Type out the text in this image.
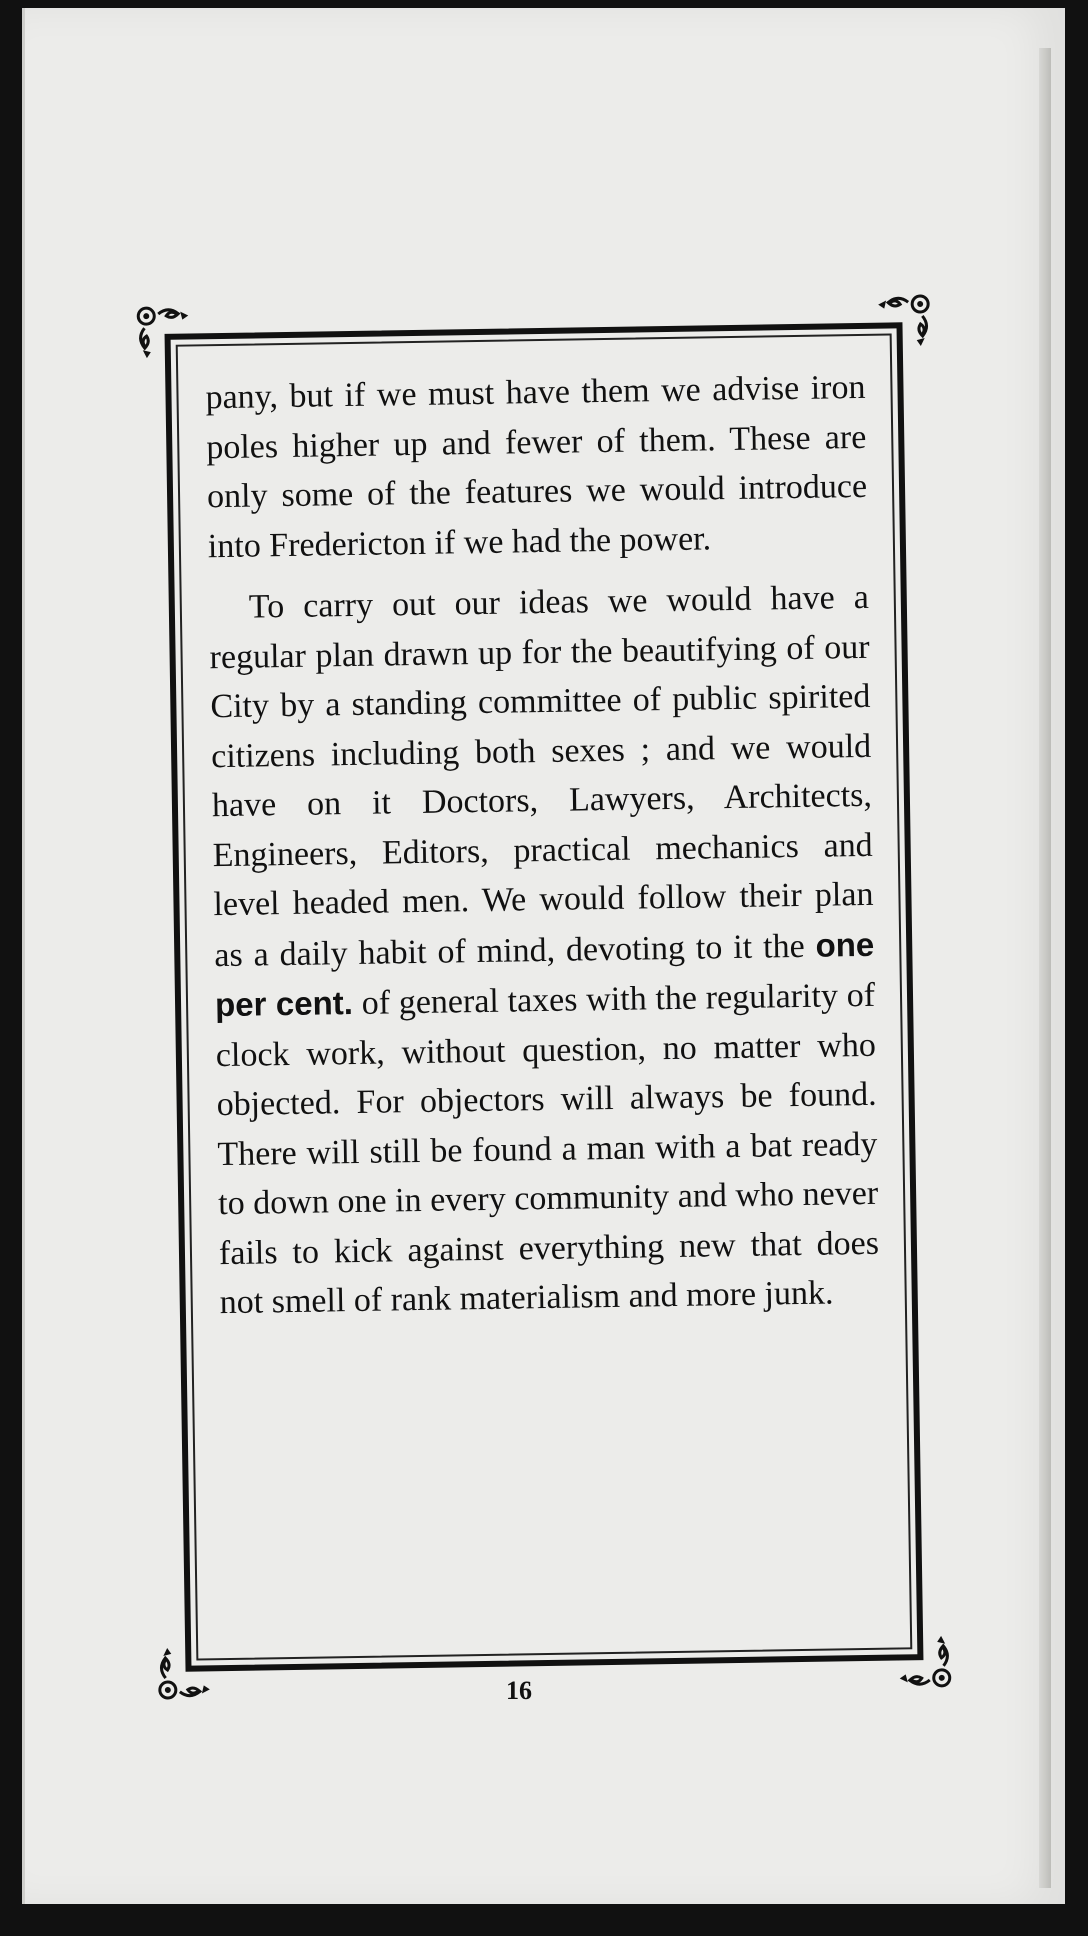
pany, but if we must have them we advise iron poles higher up and fewer of them. These are only some of the features we would introduce into Fredericton if we had the power.

To carry out our ideas we would have a regular plan drawn up for the beautifying of our City by a standing committee of public spirited citizens including both sexes ; and we would have on it Doctors, Lawyers, Architects, Engineers, Editors, practical mechanics and level headed men. We would follow their plan as a daily habit of mind, devoting to it the one per cent. of general taxes with the regularity of clock work, without question, no matter who objected. For objectors will always be found. There will still be found a man with a bat ready to down one in every community and who never fails to kick against everything new that does not smell of rank materialism and more junk.

16
